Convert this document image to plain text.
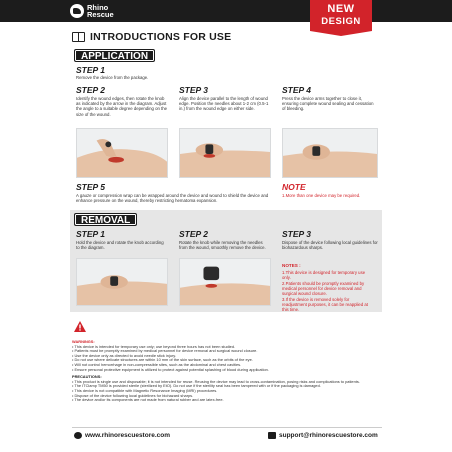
Rhino
Rescue	NEW
DESIGN
INTRODUCTIONS FOR USE
APPLICATION
STEP 1
Remove the device from the package.
STEP 2
Identify the wound edges, then rotate the knob as indicated by the arrow in the diagram. Adjust the angle to a suitable degree depending on the size of the wound.
STEP 3
Align the device parallel to the length of wound edge. Position the needles about 1-2 cm (0.5-1 in.) from the wound edge on either side.
STEP 4
Press the device arms together to close it, ensuring complete wound sealing and cessation of bleeding.
STEP 5
A gauze or compression wrap can be wrapped around the device and wound to shield the device and enhance pressure on the wound, thereby restricting hematoma expansion.
NOTE
1.More than one device may be required.
REMOVAL
STEP 1
Hold the device and rotate the knob according to the diagram.
STEP 2
Rotate the knob while removing the needles from the wound, smoothly remove the device.
STEP 3
Dispose of the device following local guidelines for biohazardous sharps.
NOTES :
1.This device is designed for temporary use only.
2.Patients should be promptly examined by medical personnel for device removal and surgical wound closure.
3.If the device is removed solely for readjustment purposes, it can be reapplied at this time.
WARNINGS:
• This device is intended for temporary use only; use beyond three hours has not been studied.
• Patients must be promptly examined by medical personnel for device removal and surgical wound closure.
• Use the device only as directed to avoid needle stick injury.
• Do not use where delicate structures are within 10 mm of the skin surface, such as the orbits of the eye.
• Will not control hemorrhage in non-compressible sites, such as the abdominal and chest cavities.
• Ensure personal protective equipment is utilized to protect against potential splashing of blood during application.
PRECAUTIONS:
• This product is single use and disposable; it is not intended for reuse. Reusing the device may lead to cross-contamination, posing risks and complications to patients.
• The ITClamp TM50 is provided sterile (sterilized by EtO). Do not use if the sterility seal has been tampered with or if the packaging is damaged.
• This device is not compatible with Magnetic Resonance Imaging (MRI) procedures.
• Dispose of the device following local guidelines for biohazard sharps.
• The device and/or its components are not made from natural rubber and are latex-free.
www.rhinorescuestore.com	support@rhinorescuestore.com
